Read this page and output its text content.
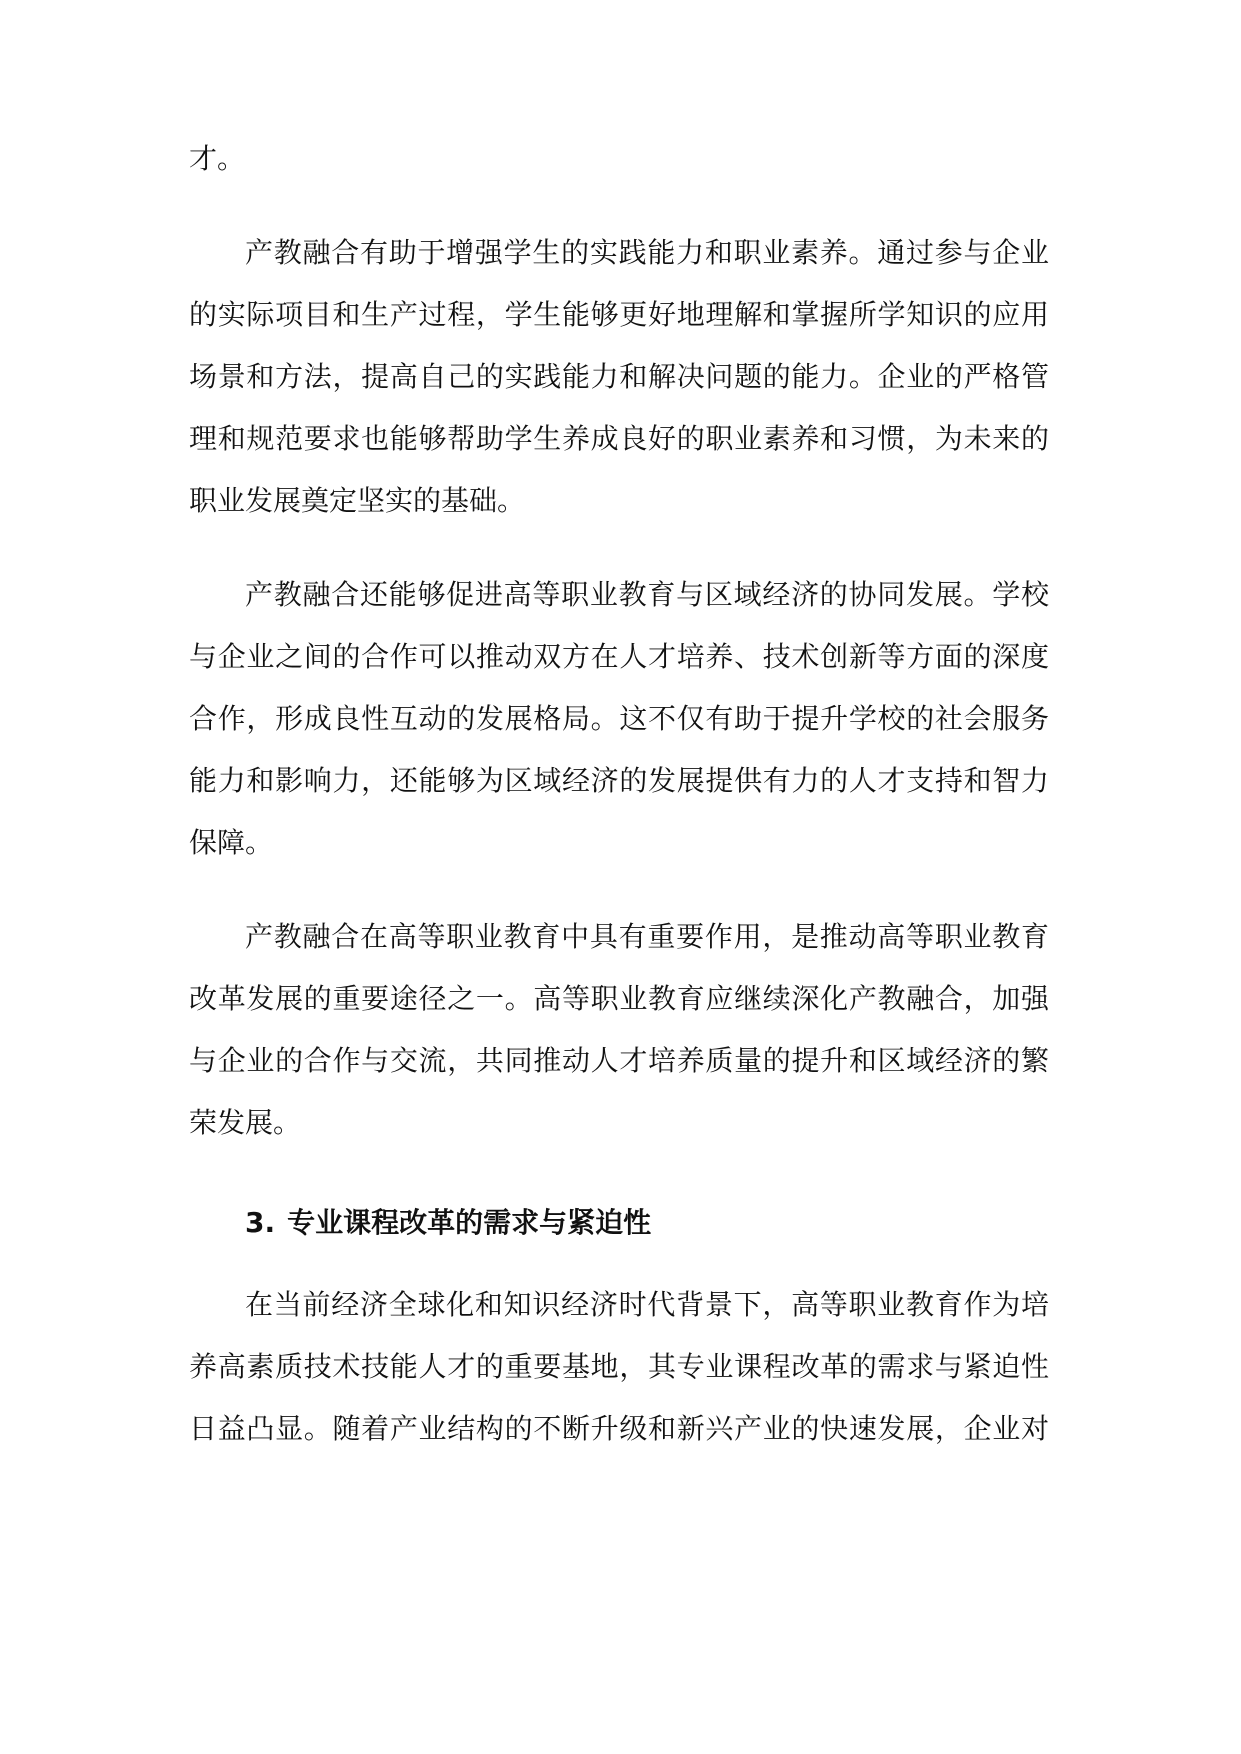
才。
产教融合有助于增强学生的实践能力和职业素养。通过参与企业
的实际项目和生产过程，学生能够更好地理解和掌握所学知识的应用
场景和方法，提高自己的实践能力和解决问题的能力。企业的严格管
理和规范要求也能够帮助学生养成良好的职业素养和习惯，为未来的
职业发展奠定坚实的基础。
产教融合还能够促进高等职业教育与区域经济的协同发展。学校
与企业之间的合作可以推动双方在人才培养、技术创新等方面的深度
合作，形成良性互动的发展格局。这不仅有助于提升学校的社会服务
能力和影响力，还能够为区域经济的发展提供有力的人才支持和智力
保障。
产教融合在高等职业教育中具有重要作用，是推动高等职业教育
改革发展的重要途径之一。高等职业教育应继续深化产教融合，加强
与企业的合作与交流，共同推动人才培养质量的提升和区域经济的繁
荣发展。
3. 专业课程改革的需求与紧迫性
在当前经济全球化和知识经济时代背景下，高等职业教育作为培
养高素质技术技能人才的重要基地，其专业课程改革的需求与紧迫性
日益凸显。随着产业结构的不断升级和新兴产业的快速发展，企业对
